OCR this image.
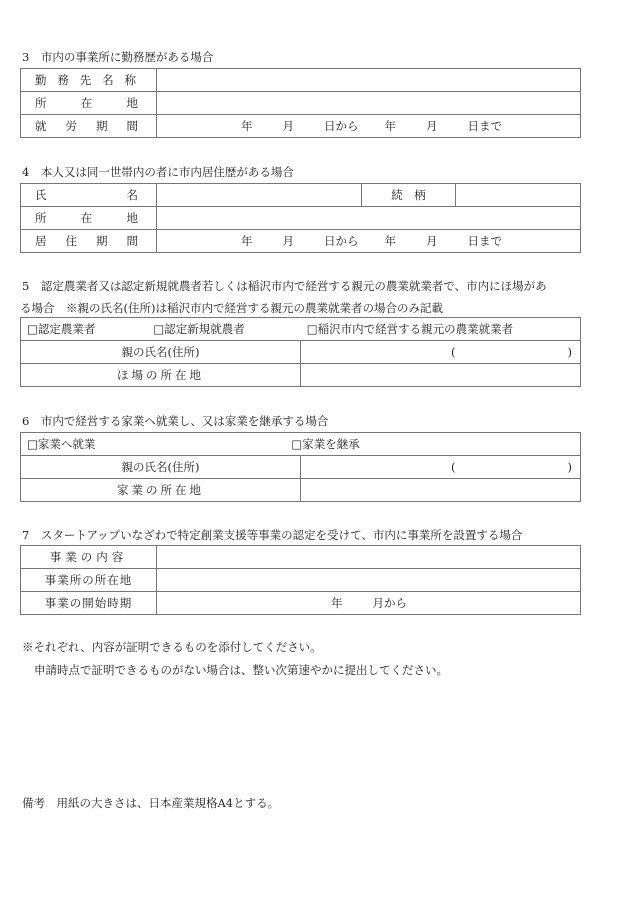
3　市内の事業所に勤務歴がある場合
勤務先名称	
所在地	
就労期間	年 月 日から 年 月 日まで
4　本人又は同一世帯内の者に市内居住歴がある場合
氏名		続　柄	
所在地			
居住期間	年 月 日から 年 月 日まで		
5　認定農業者又は認定新規就農者若しくは稲沢市内で経営する親元の農業就業者で、市内にほ場があ
る場合　※親の氏名(住所)は稲沢市内で経営する親元の農業就業者の場合のみ記載
□認定農業者 □認定新規就農者 □稲沢市内で経営する親元の農業就業者	
親の氏名(住所)	( )

ほ場の所在地	
6　市内で経営する家業へ就業し、又は家業を継承する場合
□家業へ就業 □家業を継承	
親の氏名(住所)	( )

家業の所在地	
7　スタートアップいなざわで特定創業支援等事業の認定を受けて、市内に事業所を設置する場合
事業の内容	
事業所の所在地	
事業の開始時期	年 月から
※それぞれ、内容が証明できるものを添付してください。
申請時点で証明できるものがない場合は、整い次第速やかに提出してください。
備考　用紙の大きさは、日本産業規格A4とする。
